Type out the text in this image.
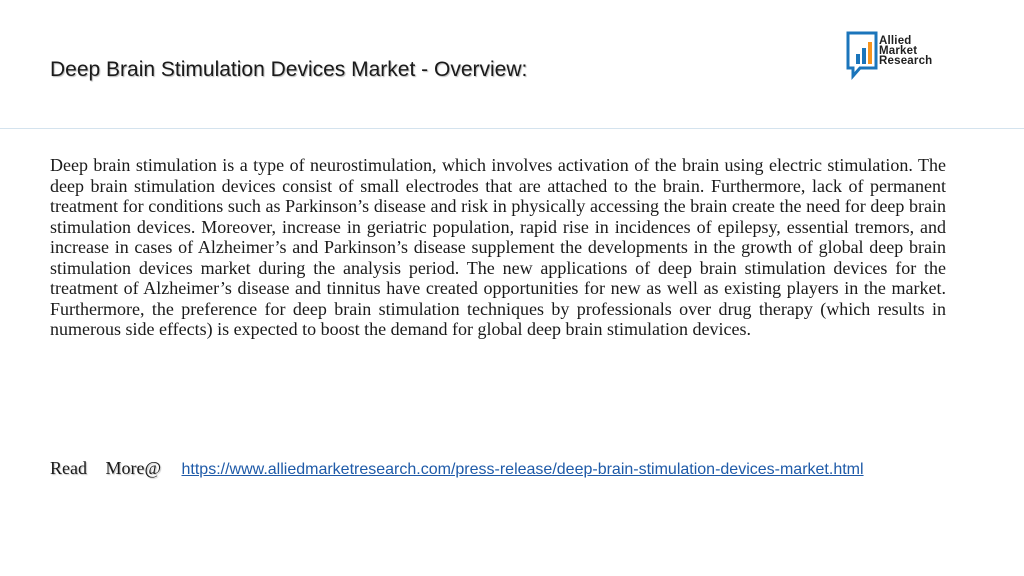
Deep Brain Stimulation Devices Market - Overview:
Allied
Market
Research

Deep brain stimulation is a type of neurostimulation, which involves activation of the brain using electric stimulation. The deep brain stimulation devices consist of small electrodes that are attached to the brain. Furthermore, lack of permanent treatment for conditions such as Parkinson’s disease and risk in physically accessing the brain create the need for deep brain stimulation devices. Moreover, increase in geriatric population, rapid rise in incidences of epilepsy, essential tremors, and increase in cases of Alzheimer’s and Parkinson’s disease supplement the developments in the growth of global deep brain stimulation devices market during the analysis period. The new applications of deep brain stimulation devices for the treatment of Alzheimer’s disease and tinnitus have created opportunities for new as well as existing players in the market. Furthermore, the preference for deep brain stimulation techniques by professionals over drug therapy (which results in numerous side effects) is expected to boost the demand for global deep brain stimulation devices.

Read More@ https://www.alliedmarketresearch.com/press-release/deep-brain-stimulation-devices-market.html
